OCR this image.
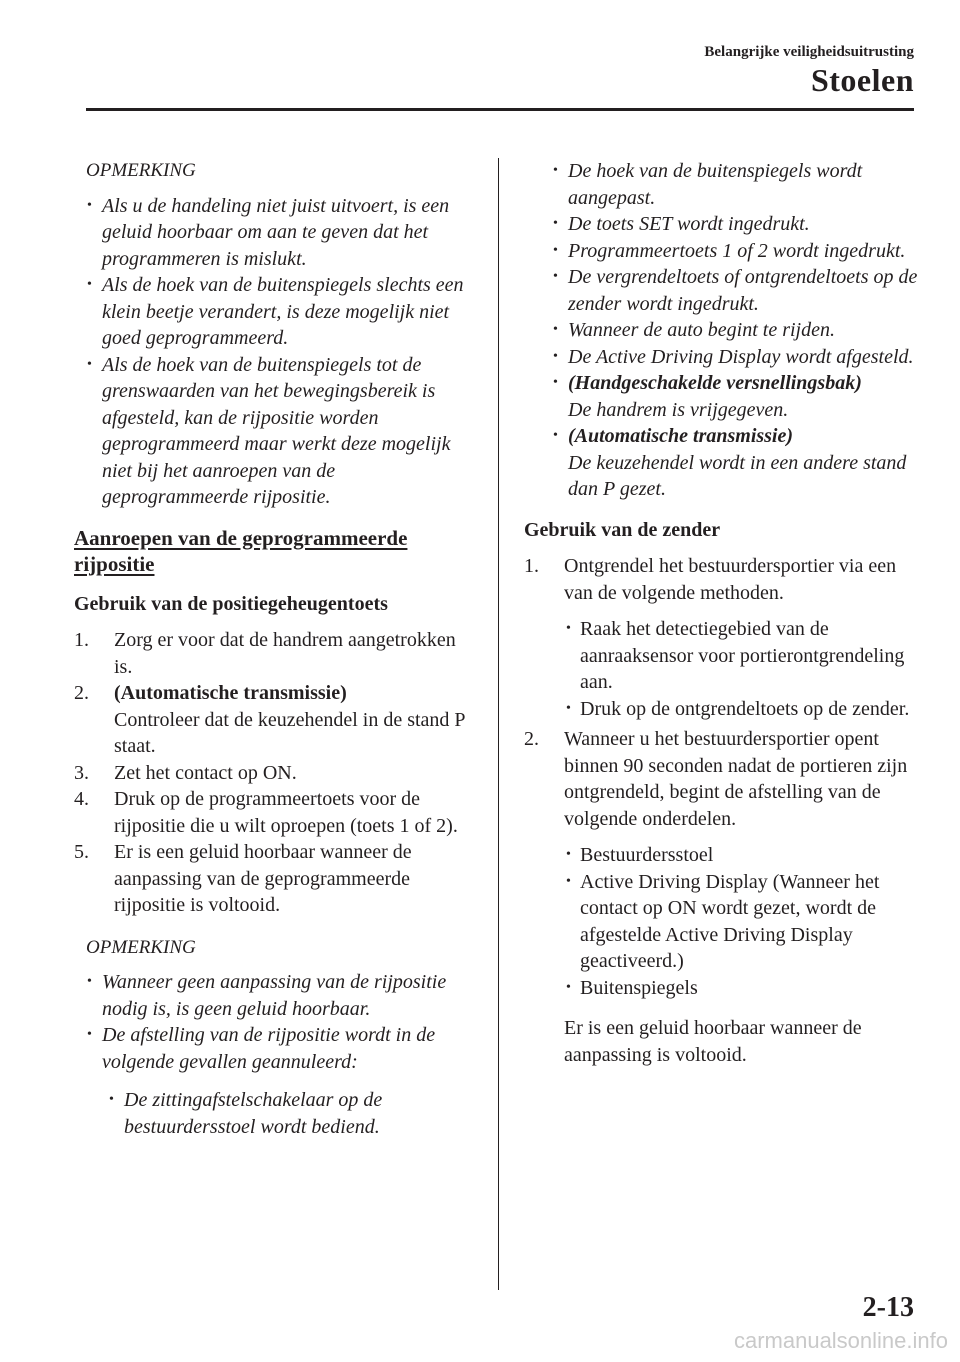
Belangrijke veiligheidsuitrusting
Stoelen
OPMERKING
• Als u de handeling niet juist uitvoert, is een geluid hoorbaar om aan te geven dat het programmeren is mislukt.
• Als de hoek van de buitenspiegels slechts een klein beetje verandert, is deze mogelijk niet goed geprogrammeerd.
• Als de hoek van de buitenspiegels tot de grenswaarden van het bewegingsbereik is afgesteld, kan de rijpositie worden geprogrammeerd maar werkt deze mogelijk niet bij het aanroepen van de geprogrammeerde rijpositie.
Aanroepen van de geprogrammeerde rijpositie
Gebruik van de positiegeheugentoets
1. Zorg er voor dat de handrem aangetrokken is.
2. (Automatische transmissie)
Controleer dat de keuzehendel in de stand P staat.
3. Zet het contact op ON.
4. Druk op de programmeertoets voor de rijpositie die u wilt oproepen (toets 1 of 2).
5. Er is een geluid hoorbaar wanneer de aanpassing van de geprogrammeerde rijpositie is voltooid.
OPMERKING
• Wanneer geen aanpassing van de rijpositie nodig is, is geen geluid hoorbaar.
• De afstelling van de rijpositie wordt in de volgende gevallen geannuleerd:
• De zittingafstelschakelaar op de bestuurdersstoel wordt bediend.
• De hoek van de buitenspiegels wordt aangepast.
• De toets SET wordt ingedrukt.
• Programmeertoets 1 of 2 wordt ingedrukt.
• De vergrendeltoets of ontgrendeltoets op de zender wordt ingedrukt.
• Wanneer de auto begint te rijden.
• De Active Driving Display wordt afgesteld.
• (Handgeschakelde versnellingsbak)
De handrem is vrijgegeven.
• (Automatische transmissie)
De keuzehendel wordt in een andere stand dan P gezet.
Gebruik van de zender
1. Ontgrendel het bestuurdersportier via een van de volgende methoden.
• Raak het detectiegebied van de aanraaksensor voor portierontgrendeling aan.
• Druk op de ontgrendeltoets op de zender.
2. Wanneer u het bestuurdersportier opent binnen 90 seconden nadat de portieren zijn ontgrendeld, begint de afstelling van de volgende onderdelen.
• Bestuurdersstoel
• Active Driving Display (Wanneer het contact op ON wordt gezet, wordt de afgestelde Active Driving Display geactiveerd.)
• Buitenspiegels
Er is een geluid hoorbaar wanneer de aanpassing is voltooid.
2-13
carmanualsonline.info
